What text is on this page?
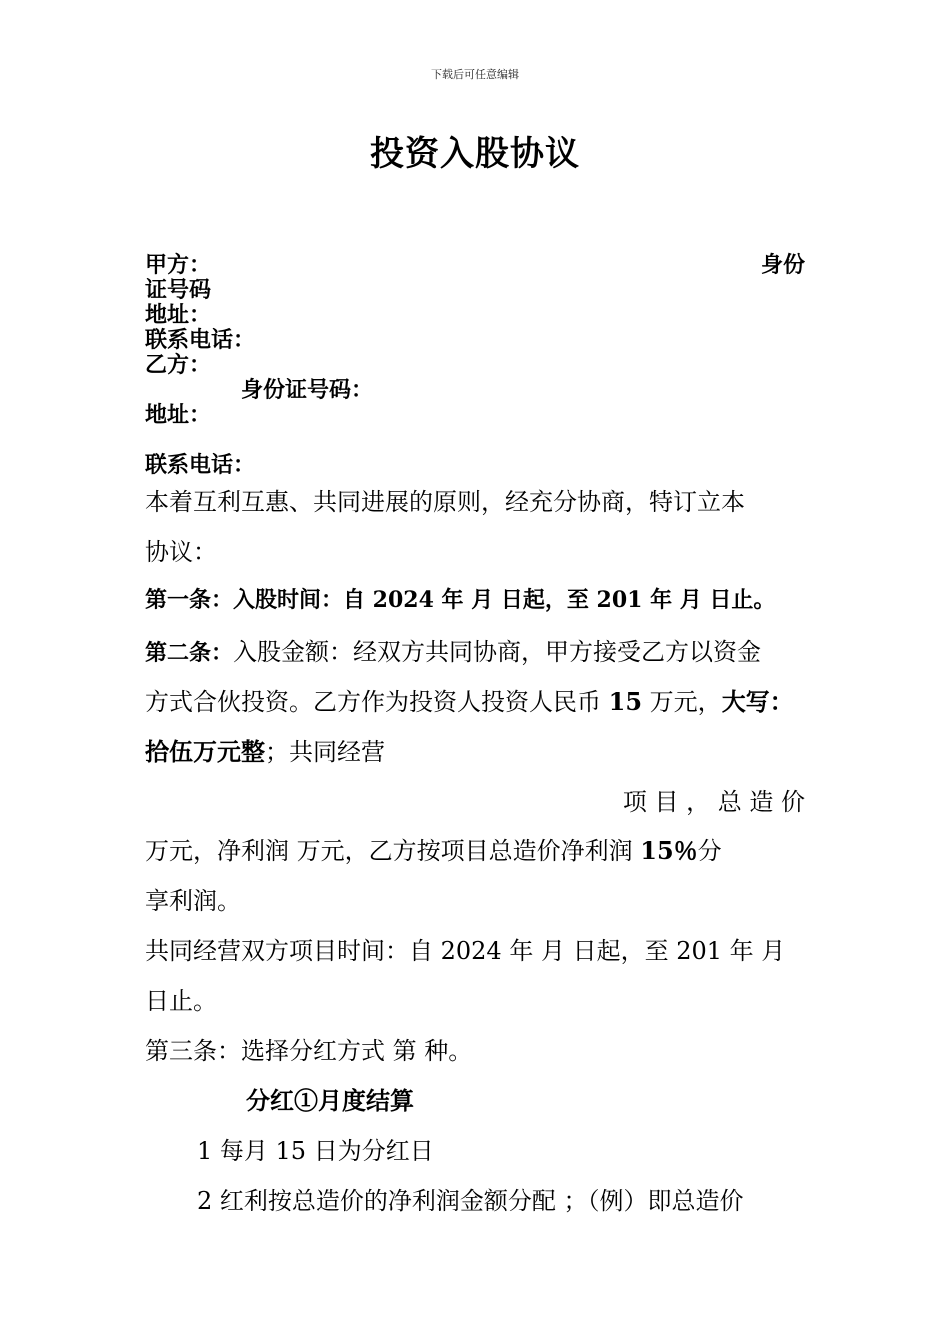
下载后可任意编辑
投资入股协议
甲方：	身份
证号码
地址：
联系电话：
乙方：
身份证号码：
地址：
联系电话：
本着互利互惠、共同进展的原则，经充分协商，特订立本
协议：
第一条：入股时间：自 2024 年 月 日起，至 201 年 月 日止。
第二条：入股金额：经双方共同协商，甲方接受乙方以资金
方式合伙投资。乙方作为投资人投资人民币 15 万元，大写：
拾伍万元整；共同经营
项 目 ， 总 造 价
万元，净利润 万元，乙方按项目总造价净利润 15％分
享利润。
共同经营双方项目时间：自 2024 年 月 日起，至 201 年 月
日止。
第三条：选择分红方式 第 种。
分红①月度结算
1 每月 15 日为分红日
2 红利按总造价的净利润金额分配 ；（例）即总造价
